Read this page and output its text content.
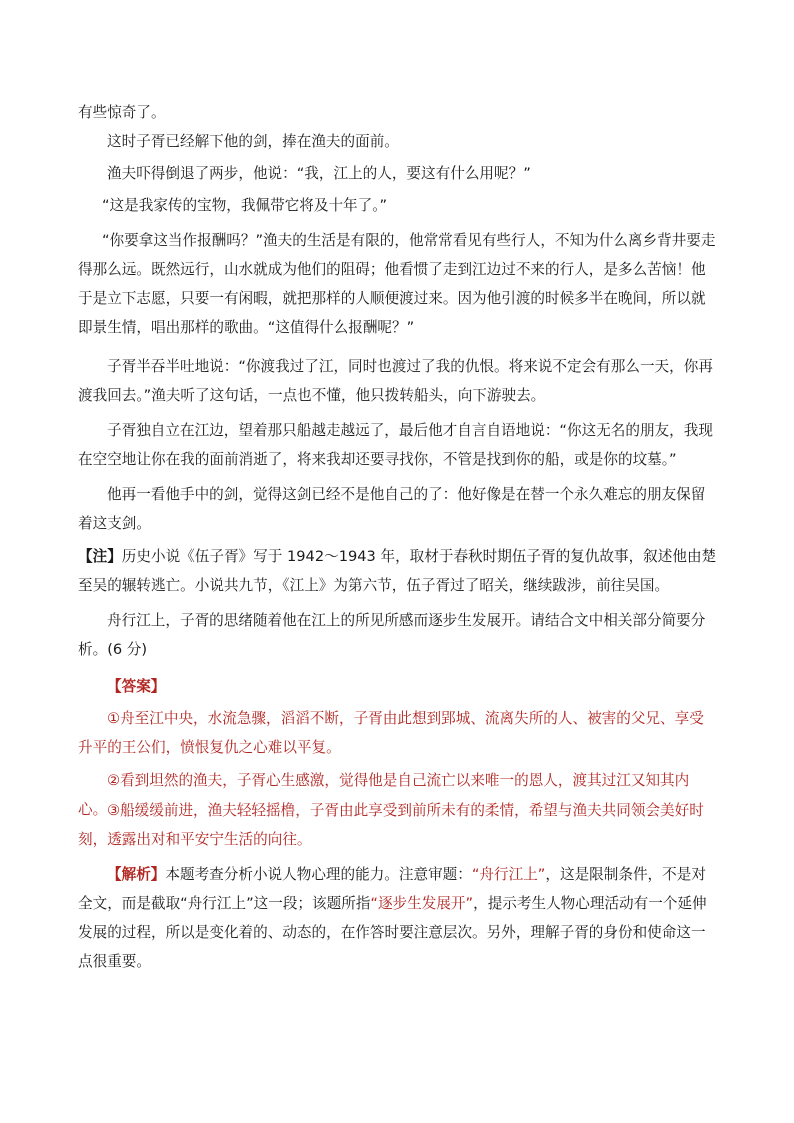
有些惊奇了。

这时子胥已经解下他的剑，捧在渔夫的面前。

渔夫吓得倒退了两步，他说：“我，江上的人，要这有什么用呢？”

“这是我家传的宝物，我佩带它将及十年了。”

“你要拿这当作报酬吗？”渔夫的生活是有限的，他常常看见有些行人，不知为什么离乡背井要走得那么远。既然远行，山水就成为他们的阻碍；他看惯了走到江边过不来的行人，是多么苦恼！他于是立下志愿，只要一有闲暇，就把那样的人顺便渡过来。因为他引渡的时候多半在晚间，所以就即景生情，唱出那样的歌曲。“这值得什么报酬呢？”

子胥半吞半吐地说：“你渡我过了江，同时也渡过了我的仇恨。将来说不定会有那么一天，你再渡我回去。”渔夫听了这句话，一点也不懂，他只拨转船头，向下游驶去。

子胥独自立在江边，望着那只船越走越远了，最后他才自言自语地说：“你这无名的朋友，我现在空空地让你在我的面前消逝了，将来我却还要寻找你，不管是找到你的船，或是你的坟墓。”

他再一看他手中的剑，觉得这剑已经不是他自己的了：他好像是在替一个永久难忘的朋友保留着这支剑。

【注】历史小说《伍子胥》写于 1942～1943 年，取材于春秋时期伍子胥的复仇故事，叙述他由楚至吴的辗转逃亡。小说共九节，《江上》为第六节，伍子胥过了昭关，继续跋涉，前往吴国。

舟行江上，子胥的思绪随着他在江上的所见所感而逐步生发展开。请结合文中相关部分简要分析。(6 分)

【答案】

①舟至江中央，水流急骤，滔滔不断，子胥由此想到郢城、流离失所的人、被害的父兄、享受升平的王公们，愤恨复仇之心难以平复。

②看到坦然的渔夫，子胥心生感激，觉得他是自己流亡以来唯一的恩人，渡其过江又知其内心。 ③船缓缓前进，渔夫轻轻摇橹，子胥由此享受到前所未有的柔情，希望与渔夫共同领会美好时刻，透露出对和平安宁生活的向往。

【解析】本题考查分析小说人物心理的能力。注意审题：“舟行江上”，这是限制条件，不是对全文，而是截取“舟行江上”这一段；该题所指“逐步生发展开”，提示考生人物心理活动有一个延伸发展的过程，所以是变化着的、动态的，在作答时要注意层次。另外，理解子胥的身份和使命这一点很重要。
